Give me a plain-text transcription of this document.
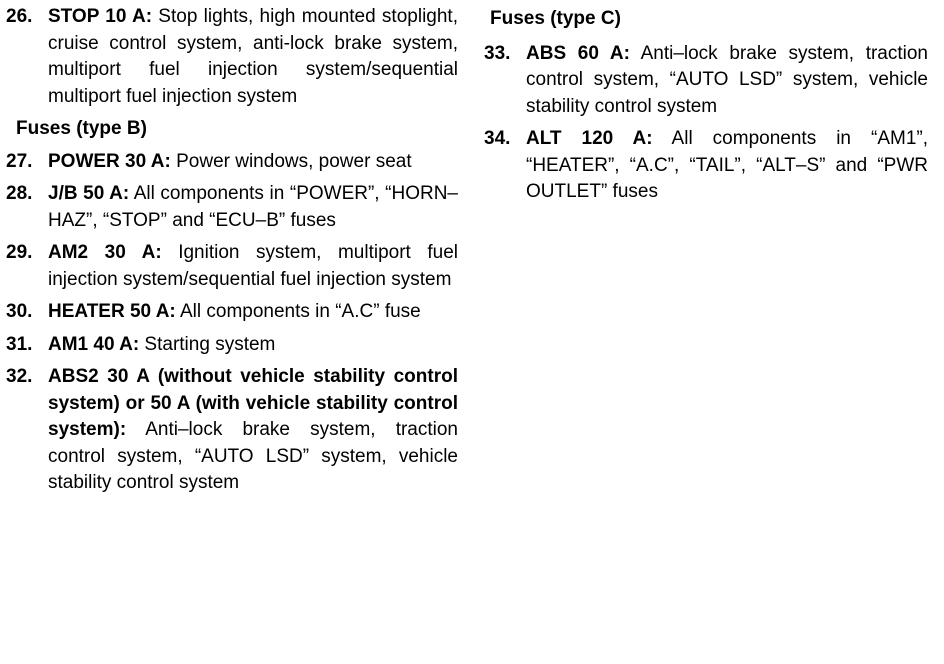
26. STOP 10 A: Stop lights, high mounted stoplight, cruise control system, anti-lock brake system, multiport fuel injection system/sequential multiport fuel injection system
Fuses (type B)
27. POWER 30 A: Power windows, power seat
28. J/B 50 A: All components in “POWER”, “HORN–HAZ”, “STOP” and “ECU–B” fuses
29. AM2 30 A: Ignition system, multiport fuel injection system/sequential fuel injection system
30. HEATER 50 A: All components in “A.C” fuse
31. AM1 40 A: Starting system
32. ABS2 30 A (without vehicle stability control system) or 50 A (with vehicle stability control system): Anti–lock brake system, traction control system, “AUTO LSD” system, vehicle stability control system
Fuses (type C)
33. ABS 60 A: Anti–lock brake system, traction control system, “AUTO LSD” system, vehicle stability control system
34. ALT 120 A: All components in “AM1”, “HEATER”, “A.C”, “TAIL”, “ALT–S” and “PWR OUTLET” fuses
